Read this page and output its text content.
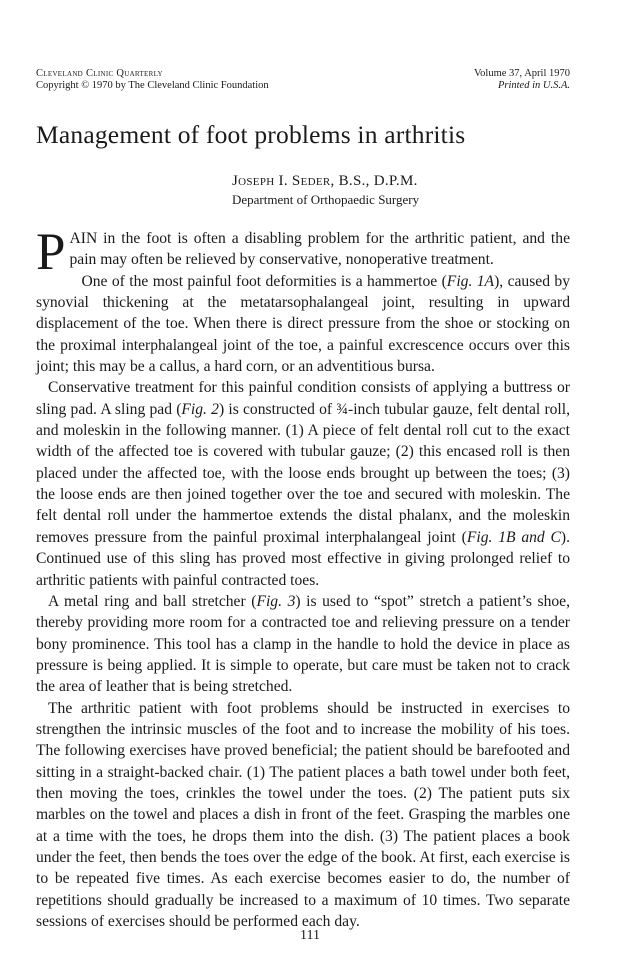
Cleveland Clinic Quarterly
Copyright © 1970 by The Cleveland Clinic Foundation
Volume 37, April 1970
Printed in U.S.A.
Management of foot problems in arthritis
Joseph I. Seder, B.S., D.P.M.
Department of Orthopaedic Surgery

PAIN in the foot is often a disabling problem for the arthritic patient, and the pain may often be relieved by conservative, nonoperative treatment.

One of the most painful foot deformities is a hammertoe (Fig. 1A), caused by synovial thickening at the metatarsophalangeal joint, resulting in upward displacement of the toe. When there is direct pressure from the shoe or stocking on the proximal interphalangeal joint of the toe, a painful excrescence occurs over this joint; this may be a callus, a hard corn, or an adventitious bursa.

Conservative treatment for this painful condition consists of applying a buttress or sling pad. A sling pad (Fig. 2) is constructed of ¾-inch tubular gauze, felt dental roll, and moleskin in the following manner. (1) A piece of felt dental roll cut to the exact width of the affected toe is covered with tubular gauze; (2) this encased roll is then placed under the affected toe, with the loose ends brought up between the toes; (3) the loose ends are then joined together over the toe and secured with moleskin. The felt dental roll under the hammertoe extends the distal phalanx, and the moleskin removes pressure from the painful proximal interphalangeal joint (Fig. 1B and C). Continued use of this sling has proved most effective in giving prolonged relief to arthritic patients with painful contracted toes.

A metal ring and ball stretcher (Fig. 3) is used to “spot” stretch a patient’s shoe, thereby providing more room for a contracted toe and relieving pressure on a tender bony prominence. This tool has a clamp in the handle to hold the device in place as pressure is being applied. It is simple to operate, but care must be taken not to crack the area of leather that is being stretched.

The arthritic patient with foot problems should be instructed in exercises to strengthen the intrinsic muscles of the foot and to increase the mobility of his toes. The following exercises have proved beneficial; the patient should be barefooted and sitting in a straight-backed chair. (1) The patient places a bath towel under both feet, then moving the toes, crinkles the towel under the toes. (2) The patient puts six marbles on the towel and places a dish in front of the feet. Grasping the marbles one at a time with the toes, he drops them into the dish. (3) The patient places a book under the feet, then bends the toes over the edge of the book. At first, each exercise is to be repeated five times. As each exercise becomes easier to do, the number of repetitions should gradually be increased to a maximum of 10 times. Two separate sessions of exercises should be performed each day.

111
